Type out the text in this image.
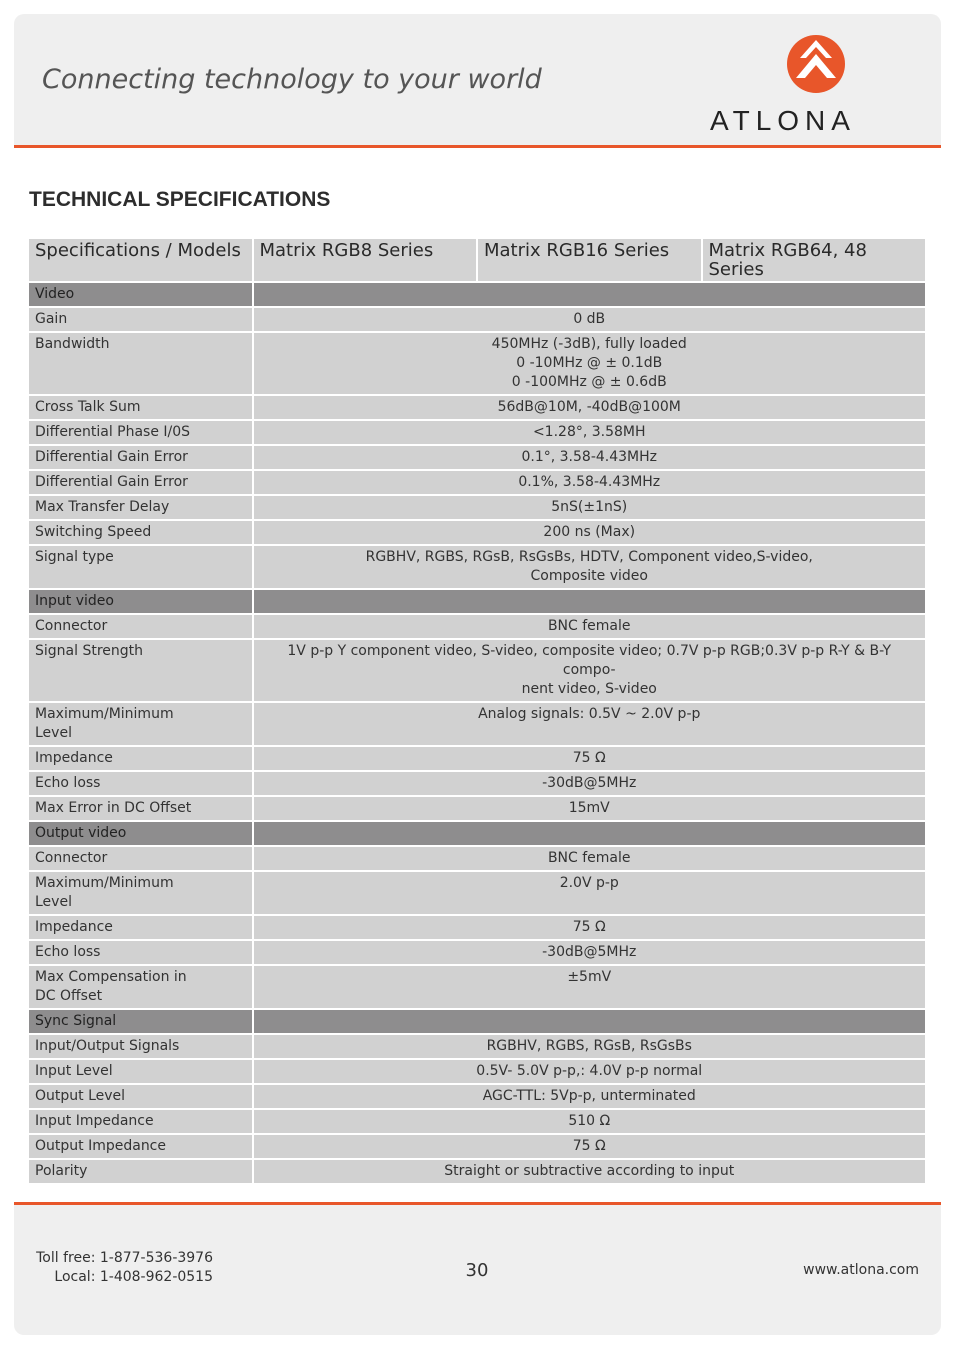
Connecting technology to your world
ATLONA
TECHNICAL SPECIFICATIONS
Specifications / Models	Matrix RGB8 Series	Matrix RGB16 Series	Matrix RGB64, 48 Series
Video			
Gain	0 dB		
Bandwidth	450MHz (-3dB), fully loaded
0 -10MHz @ ± 0.1dB
0 -100MHz @ ± 0.6dB		
Cross Talk Sum	56dB@10M, -40dB@100M		
Differential Phase I/0S	<1.28°, 3.58MH		
Differential Gain Error	0.1°, 3.58-4.43MHz		
Differential Gain Error	0.1%, 3.58-4.43MHz		
Max Transfer Delay	5nS(±1nS)		
Switching Speed	200 ns (Max)		
Signal type	RGBHV, RGBS, RGsB, RsGsBs, HDTV, Component video,S-video,
Composite video		
Input video			
Connector	BNC female		
Signal Strength	1V p-p Y component video, S-video, composite video; 0.7V p-p RGB;0.3V p-p R-Y & B-Y compo-
nent video, S-video		
Maximum/Minimum
Level	Analog signals: 0.5V ~ 2.0V p-p		
Impedance	75 Ω		
Echo loss	-30dB@5MHz		
Max Error in DC Offset	15mV		
Output video			
Connector	BNC female		
Maximum/Minimum
Level	2.0V p-p		
Impedance	75 Ω		
Echo loss	-30dB@5MHz		
Max Compensation in
DC Offset	±5mV		
Sync Signal			
Input/Output Signals	RGBHV, RGBS, RGsB, RsGsBs		
Input Level	0.5V- 5.0V p-p,: 4.0V p-p normal		
Output Level	AGC-TTL: 5Vp-p, unterminated		
Input Impedance	510 Ω		
Output Impedance	75 Ω		
Polarity	Straight or subtractive according to input		
Toll free: 1-877-536-3976
Local: 1-408-962-0515	30	www.atlona.com
